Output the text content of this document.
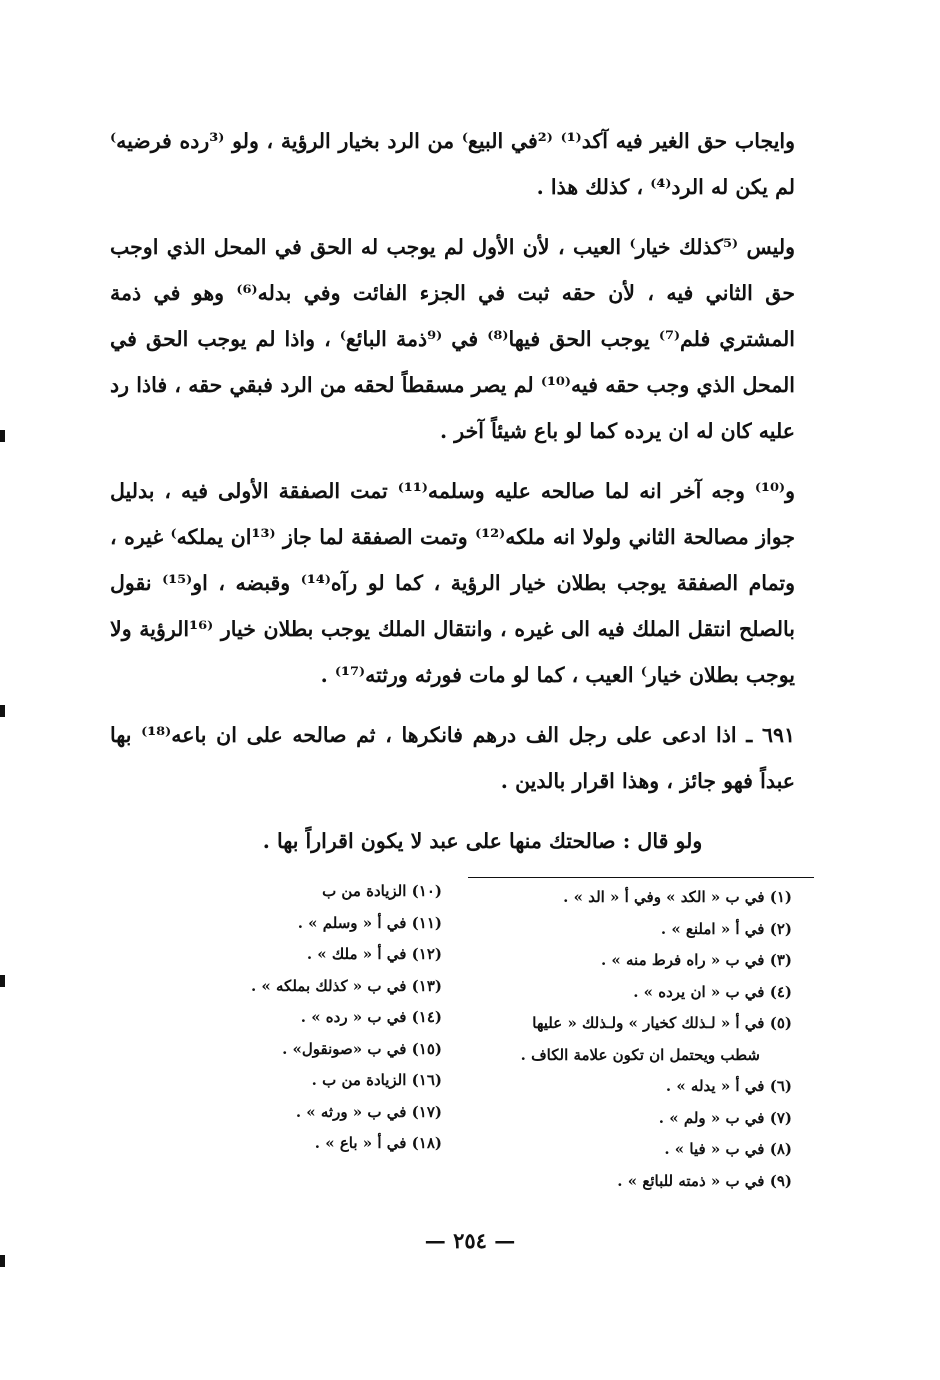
وايجاب حق الغير فيه آكد⁽¹⁾ ⁽²في البيع⁾ من الرد بخيار الرؤية ، ولو ⁽³رده فرضيه⁾ لم يكن له الرد⁽⁴⁾ ، كذلك هذا .

وليس ⁽⁵كذلك خيار⁾ العيب ، لأن الأول لم يوجب له الحق في المحل الذي اوجب حق الثاني فيه ، لأن حقه ثبت في الجزء الفائت وفي بدله⁽⁶⁾ وهو في ذمة المشتري فلم⁽⁷⁾ يوجب الحق فيها⁽⁸⁾ في ⁽⁹ذمة البائع⁾ ، واذا لم يوجب الحق في المحل الذي وجب حقه فيه⁽¹⁰⁾ لم يصر مسقطاً لحقه من الرد فبقي حقه ، فاذا رد عليه كان له ان يرده كما لو باع شيئاً آخر .

و⁽¹⁰⁾ وجه آخر انه لما صالحه عليه وسلمه⁽¹¹⁾ تمت الصفقة الأولى فيه ، بدليل جواز مصالحة الثاني ولولا انه ملكه⁽¹²⁾ وتمت الصفقة لما جاز ⁽¹³ان يملكه⁾ غيره ، وتمام الصفقة يوجب بطلان خيار الرؤية ، كما لو رآه⁽¹⁴⁾ وقبضه ، او⁽¹⁵⁾ نقول بالصلح انتقل الملك فيه الى غيره ، وانتقال الملك يوجب بطلان خيار ⁽¹⁶الرؤية ولا يوجب بطلان خيار⁾ العيب ، كما لو مات فورثه ورثته⁽¹⁷⁾ .

٦٩١ ـ اذا ادعى على رجل الف درهم فانكرها ، ثم صالحه على ان باعه⁽¹⁸⁾ بها عبداً فهو جائز ، وهذا اقرار بالدين .

ولو قال : صالحتك منها على عبد لا يكون اقراراً بها .

(١) في ب « الكد » وفي أ « الد » .
(٢) في أ « املنع » .
(٣) في ب « راه فرط منه » .
(٤) في ب « ان يرده » .
(٥) في أ « لـذلك كخيار » ولـذلك « عليها
شطب ويحتمل ان تكون علامة الكاف .
(٦) في أ « يدله » .
(٧) في ب « ولم » .
(٨) في ب « فيا » .
(٩) في ب « ذمته للبائع » .
(١٠) الزيادة من ب
(١١) في أ « وسلم » .
(١٢) في أ « ملك » .
(١٣) في ب « كذلك بملكه » .
(١٤) في ب « رده » .
(١٥) في ب «صونقول» .
(١٦) الزيادة من ب .
(١٧) في ب « ورثه » .
(١٨) في أ « باع » .
— ٢٥٤ —
